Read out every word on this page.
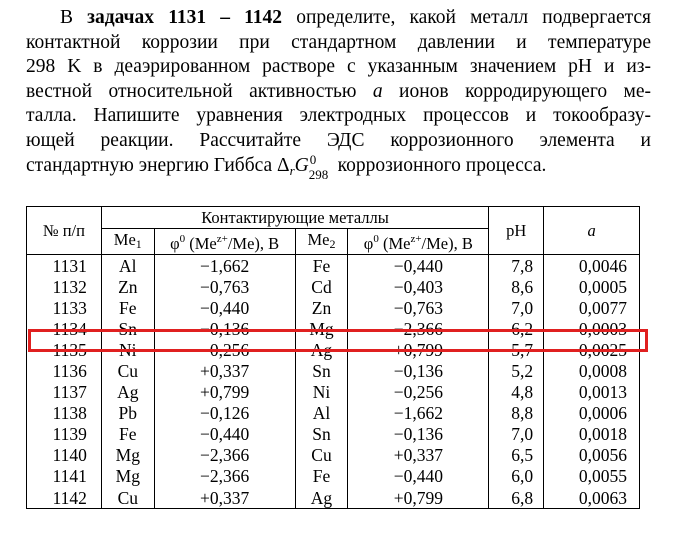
В задачах 1131 – 1142 определите, какой металл подвергается
контактной коррозии при стандартном давлении и температуре
298 K в деаэрированном растворе с указанным значением pH и из-
вестной относительной активностью a ионов корродирующего ме-
талла. Напишите уравнения электродных процессов и токообразу-
ющей реакции. Рассчитайте ЭДС коррозионного элемента и
стандартную энергию Гиббса $\Delta_rG$ 0
298 коррозионного процесса.
№ п/п	Контактирующие металлы				pH	a
	Me1	$\varphi^0$ $(Me^{z+}/Me)$, В	Me2	$\varphi^0$ $(Me^{z+}/Me)$, В		
1131	Al	−1,662	Fe	−0,440	7,8	0,0046
1132	Zn	−0,763	Cd	−0,403	8,6	0,0005
1133	Fe	−0,440	Zn	−0,763	7,0	0,0077
1134	Sn	−0,136	Mg	−2,366	6,2	0,0003
1135	Ni	−0,256	Ag	+0,799	5,7	0,0025
1136	Cu	+0,337	Sn	−0,136	5,2	0,0008
1137	Ag	+0,799	Ni	−0,256	4,8	0,0013
1138	Pb	−0,126	Al	−1,662	8,8	0,0006
1139	Fe	−0,440	Sn	−0,136	7,0	0,0018
1140	Mg	−2,366	Cu	+0,337	6,5	0,0056
1141	Mg	−2,366	Fe	−0,440	6,0	0,0055
1142	Cu	+0,337	Ag	+0,799	6,8	0,0063
